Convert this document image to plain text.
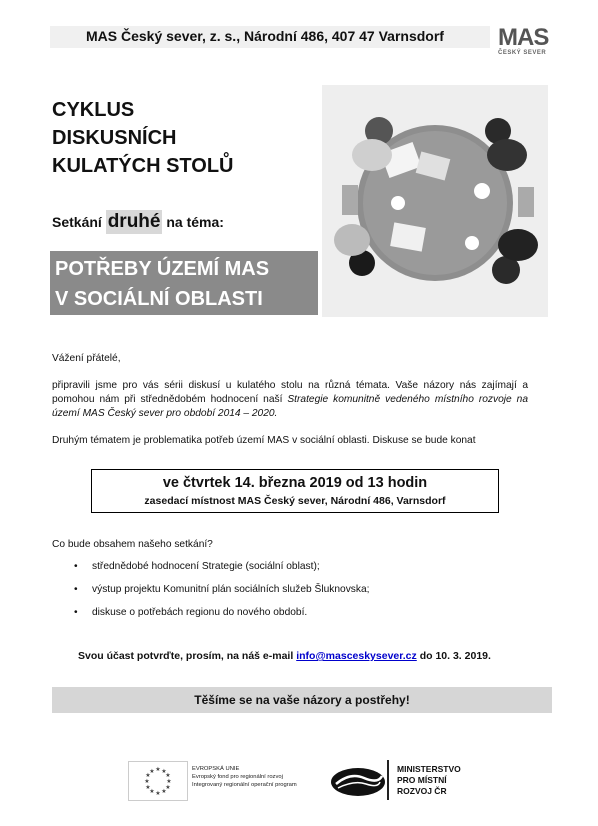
MAS Český sever, z. s., Národní 486, 407 47 Varnsdorf MAS
ČESKÝ SEVER
CYKLUS
DISKUSNÍCH
KULATÝCH STOLŮ
Setkání druhé na téma:
POTŘEBY ÚZEMÍ MAS
V SOCIÁLNÍ OBLASTI
Vážení přátelé,
připravili jsme pro vás sérii diskusí u kulatého stolu na různá témata. Vaše názory nás zajímají a pomohou nám při střednědobém hodnocení naší Strategie komunitně vedeného místního rozvoje na území MAS Český sever pro období 2014 – 2020.
Druhým tématem je problematika potřeb území MAS v sociální oblasti. Diskuse se bude konat
ve čtvrtek 14. března 2019 od 13 hodin
zasedací místnost MAS Český sever, Národní 486, Varnsdorf
Co bude obsahem našeho setkání?
• střednědobé hodnocení Strategie (sociální oblast);
• výstup projektu Komunitní plán sociálních služeb Šluknovska;
• diskuse o potřebách regionu do nového období.
Svou účast potvrďte, prosím, na náš e-mail info@masceskysever.cz do 10. 3. 2019.
Těšíme se na vaše názory a postřehy!
★ ★
★
★
★
★
★
★
★
★
★
★	EVROPSKÁ UNIE
Evropský fond pro regionální rozvoj
Integrovaný regionální operační program
MINISTERSTVO
PRO MÍSTNÍ
ROZVOJ ČR
